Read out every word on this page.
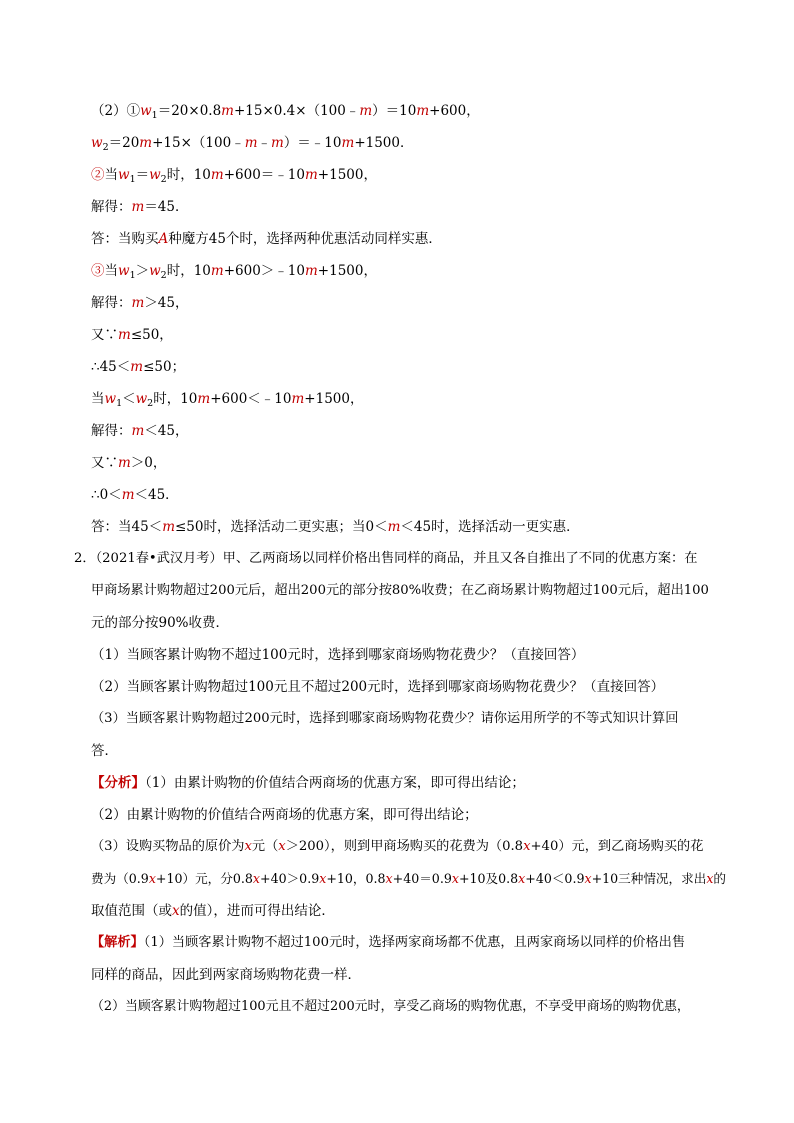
$(2)①w_1=20\times 0.8m+15\times 0.4\times(100﹣m)=10m+600$，
$w_2=20m+15\times(100﹣m﹣m)=﹣10m+1500$．
②当$w_1=w_2$时，10m+600＝﹣10m+1500，
解得：m＝45．
答：当购买A种魔方45个时，选择两种优惠活动同样实惠．
③当$w_1>w_2$时，10m+600＞﹣10m+1500，
解得：m＞45，
又∵m≤50，
∴45＜m≤50；
当$w_1<w_2$时，10m+600＜﹣10m+1500，
解得：m＜45，
又∵m＞0，
∴0＜m＜45．
答：当45＜m≤50时，选择活动二更实惠；当0＜m＜45时，选择活动一更实惠．
2．（2021春•武汉月考）甲、乙两商场以同样价格出售同样的商品，并且又各自推出了不同的优惠方案：在
甲商场累计购物超过200元后，超出200元的部分按80%收费；在乙商场累计购物超过100元后，超出100
元的部分按90%收费．
（1）当顾客累计购物不超过100元时，选择到哪家商场购物花费少？（直接回答）
（2）当顾客累计购物超过100元且不超过200元时，选择到哪家商场购物花费少？（直接回答）
（3）当顾客累计购物超过200元时，选择到哪家商场购物花费少？请你运用所学的不等式知识计算回
答．
【分析】（1）由累计购物的价值结合两商场的优惠方案，即可得出结论；
（2）由累计购物的价值结合两商场的优惠方案，即可得出结论；
（3）设购买物品的原价为x元（x＞200），则到甲商场购买的花费为（0.8x+40）元，到乙商场购买的花
费为（0.9x+10）元，分0.8x+40＞0.9x+10，0.8x+40＝0.9x+10及0.8x+40＜0.9x+10三种情况，求出x的
取值范围（或x的值），进而可得出结论．
【解析】（1）当顾客累计购物不超过100元时，选择两家商场都不优惠，且两家商场以同样的价格出售
同样的商品，因此到两家商场购物花费一样．
（2）当顾客累计购物超过100元且不超过200元时，享受乙商场的购物优惠，不享受甲商场的购物优惠，
